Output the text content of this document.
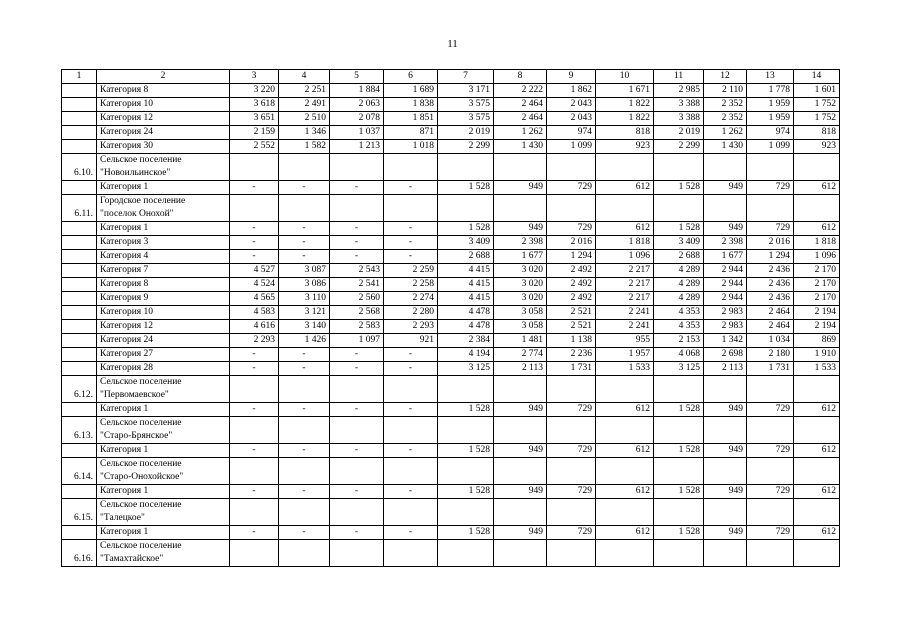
11
1	2	3	4	5	6	7	8	9	10	11	12	13	14
	Категория 8	3 220	2 251	1 884	1 689	3 171	2 222	1 862	1 671	2 985	2 110	1 778	1 601
	Категория 10	3 618	2 491	2 063	1 838	3 575	2 464	2 043	1 822	3 388	2 352	1 959	1 752
	Категория 12	3 651	2 510	2 078	1 851	3 575	2 464	2 043	1 822	3 388	2 352	1 959	1 752
	Категория 24	2 159	1 346	1 037	871	2 019	1 262	974	818	2 019	1 262	974	818
	Категория 30	2 552	1 582	1 213	1 018	2 299	1 430	1 099	923	2 299	1 430	1 099	923
6.10.	Сельское поселение
"Новоильинское"												

	Категория 1	-	-	-	-	1 528	949	729	612	1 528	949	729	612
6.11.	Городское поселение
"поселок Онохой"												

	Категория 1	-	-	-	-	1 528	949	729	612	1 528	949	729	612
	Категория 3	-	-	-	-	3 409	2 398	2 016	1 818	3 409	2 398	2 016	1 818
	Категория 4	-	-	-	-	2 688	1 677	1 294	1 096	2 688	1 677	1 294	1 096
	Категория 7	4 527	3 087	2 543	2 259	4 415	3 020	2 492	2 217	4 289	2 944	2 436	2 170
	Категория 8	4 524	3 086	2 541	2 258	4 415	3 020	2 492	2 217	4 289	2 944	2 436	2 170
	Категория 9	4 565	3 110	2 560	2 274	4 415	3 020	2 492	2 217	4 289	2 944	2 436	2 170
	Категория 10	4 583	3 121	2 568	2 280	4 478	3 058	2 521	2 241	4 353	2 983	2 464	2 194
	Категория 12	4 616	3 140	2 583	2 293	4 478	3 058	2 521	2 241	4 353	2 983	2 464	2 194
	Категория 24	2 293	1 426	1 097	921	2 384	1 481	1 138	955	2 153	1 342	1 034	869
	Категория 27	-	-	-	-	4 194	2 774	2 236	1 957	4 068	2 698	2 180	1 910
	Категория 28	-	-	-	-	3 125	2 113	1 731	1 533	3 125	2 113	1 731	1 533
6.12.	Сельское поселение
"Первомаевское"												

	Категория 1	-	-	-	-	1 528	949	729	612	1 528	949	729	612
6.13.	Сельское поселение
"Старо-Брянское"												

	Категория 1	-	-	-	-	1 528	949	729	612	1 528	949	729	612
6.14.	Сельское поселение
"Старо-Онохойское"												

	Категория 1	-	-	-	-	1 528	949	729	612	1 528	949	729	612
6.15.	Сельское поселение
"Талецкое"												

	Категория 1	-	-	-	-	1 528	949	729	612	1 528	949	729	612
6.16.	Сельское поселение
"Тамахтайское"												
